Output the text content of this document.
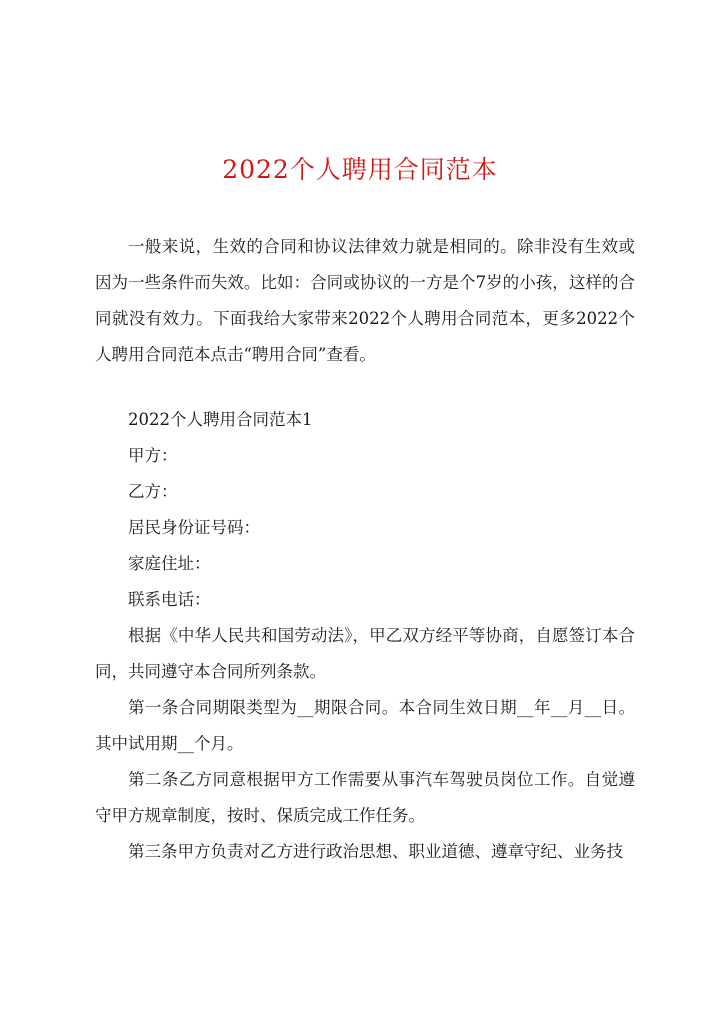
2022个人聘用合同范本

一般来说，生效的合同和协议法律效力就是相同的。除非没有生效或因为一些条件而失效。比如：合同或协议的一方是个7岁的小孩，这样的合同就没有效力。下面我给大家带来2022个人聘用合同范本，更多2022个人聘用合同范本点击“聘用合同”查看。

2022个人聘用合同范本1

甲方：

乙方：

居民身份证号码：

家庭住址：

联系电话：

根据《中华人民共和国劳动法》，甲乙双方经平等协商，自愿签订本合同，共同遵守本合同所列条款。

第一条合同期限类型为__期限合同。本合同生效日期__年__月__日。其中试用期__个月。

第二条乙方同意根据甲方工作需要从事汽车驾驶员岗位工作。自觉遵守甲方规章制度，按时、保质完成工作任务。

第三条甲方负责对乙方进行政治思想、职业道德、遵章守纪、业务技
